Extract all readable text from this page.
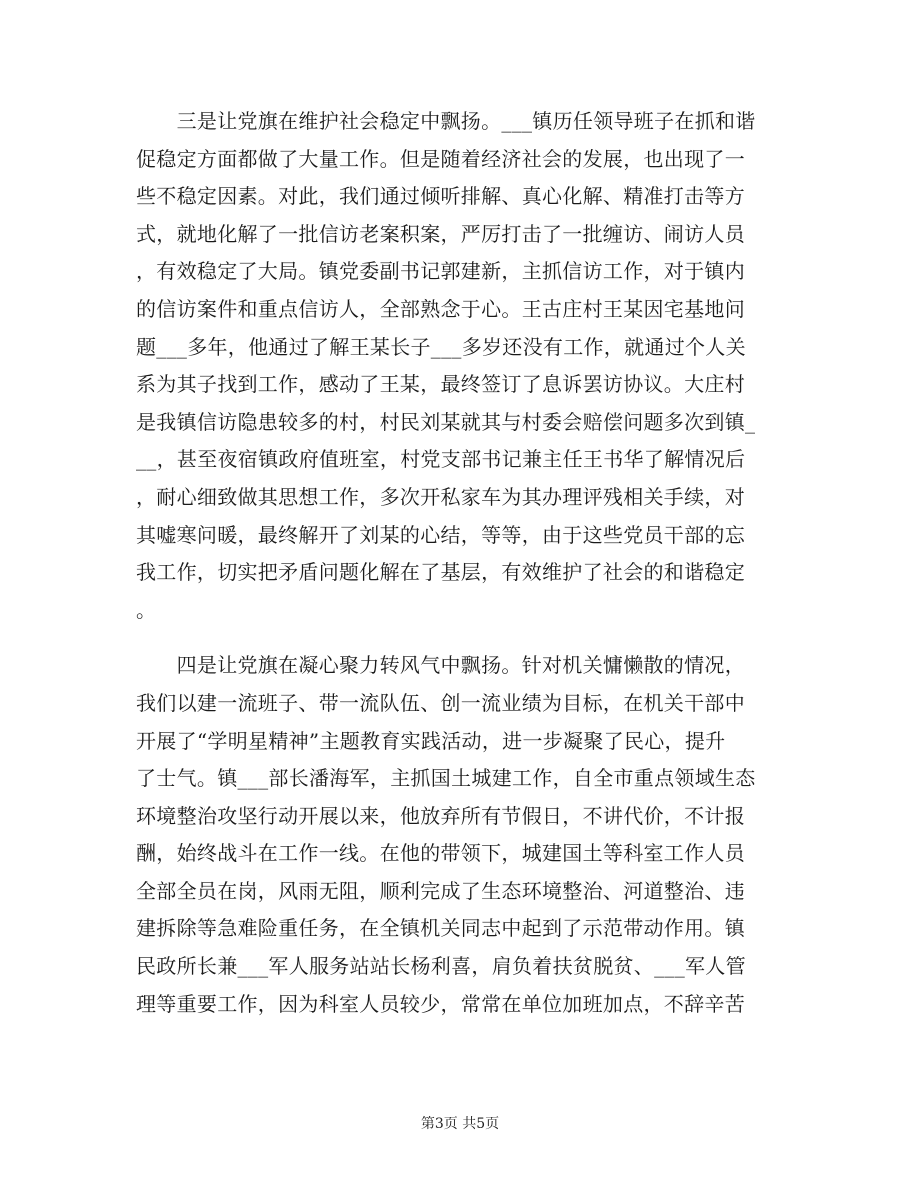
　　三是让党旗在维护社会稳定中飘扬。___镇历任领导班子在抓和谐
促稳定方面都做了大量工作。但是随着经济社会的发展，也出现了一
些不稳定因素。对此，我们通过倾听排解、真心化解、精准打击等方
式，就地化解了一批信访老案积案，严厉打击了一批缠访、闹访人员
，有效稳定了大局。镇党委副书记郭建新，主抓信访工作，对于镇内
的信访案件和重点信访人，全部熟念于心。王古庄村王某因宅基地问
题___多年，他通过了解王某长子___多岁还没有工作，就通过个人关
系为其子找到工作，感动了王某，最终签订了息诉罢访协议。大庄村
是我镇信访隐患较多的村，村民刘某就其与村委会赔偿问题多次到镇_
__，甚至夜宿镇政府值班室，村党支部书记兼主任王书华了解情况后
，耐心细致做其思想工作，多次开私家车为其办理评残相关手续，对
其嘘寒问暖，最终解开了刘某的心结，等等，由于这些党员干部的忘
我工作，切实把矛盾问题化解在了基层，有效维护了社会的和谐稳定
。
　　四是让党旗在凝心聚力转风气中飘扬。针对机关慵懒散的情况，
我们以建一流班子、带一流队伍、创一流业绩为目标，在机关干部中
开展了“学明星精神”主题教育实践活动，进一步凝聚了民心，提升
了士气。镇___部长潘海军，主抓国土城建工作，自全市重点领域生态
环境整治攻坚行动开展以来，他放弃所有节假日，不讲代价，不计报
酬，始终战斗在工作一线。在他的带领下，城建国土等科室工作人员
全部全员在岗，风雨无阻，顺利完成了生态环境整治、河道整治、违
建拆除等急难险重任务，在全镇机关同志中起到了示范带动作用。镇
民政所长兼___军人服务站站长杨利喜，肩负着扶贫脱贫、___军人管
理等重要工作，因为科室人员较少，常常在单位加班加点，不辞辛苦
第3页 共5页
